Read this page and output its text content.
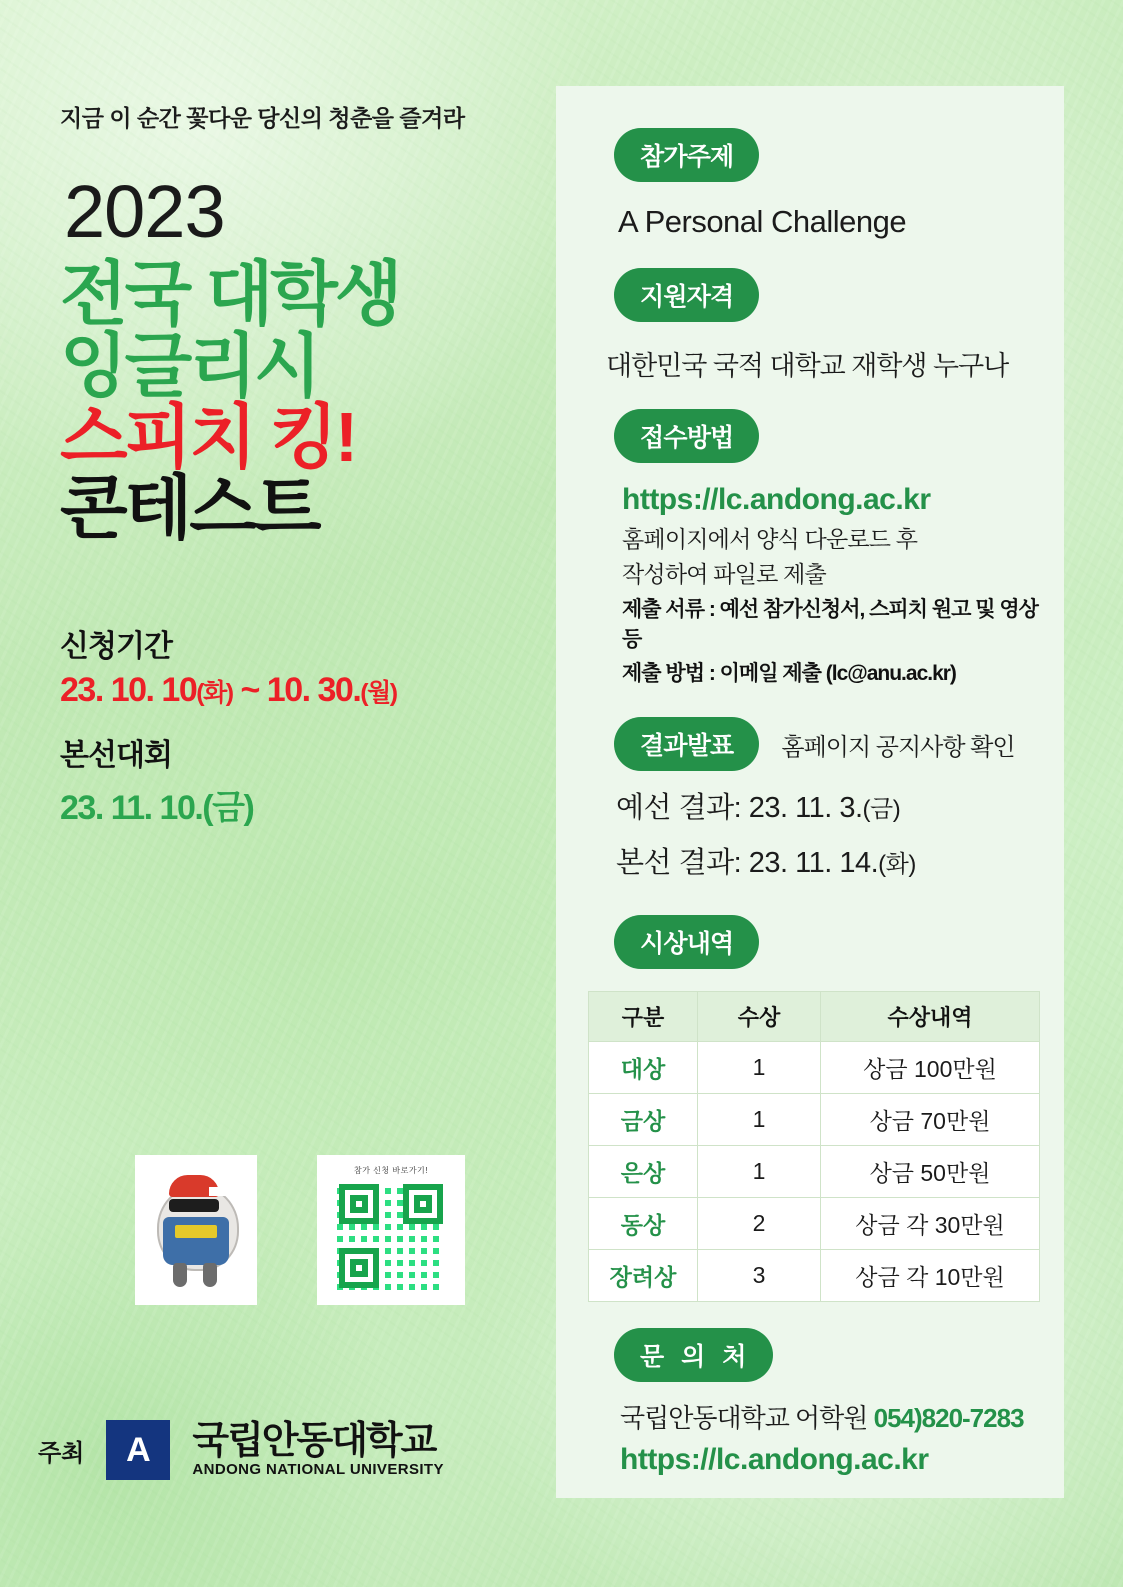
지금 이 순간 꽃다운 당신의 청춘을 즐겨라
2023
전국 대학생
잉글리시
스피치 킹!
콘테스트
신청기간
23. 10. 10(화) ~ 10. 30.(월)
본선대회
23. 11. 10.(금)
참가 신청 바로가기!
주최	A	국립안동대학교
ANDONG NATIONAL UNIVERSITY
참가주제
A Personal Challenge
지원자격
대한민국 국적 대학교 재학생 누구나
접수방법
https://lc.andong.ac.kr
홈페이지에서 양식 다운로드 후
작성하여 파일로 제출
제출 서류 : 예선 참가신청서, 스피치 원고 및 영상 등
제출 방법 : 이메일 제출 (lc@anu.ac.kr)
결과발표	홈페이지 공지사항 확인
예선 결과: 23. 11. 3.(금)
본선 결과: 23. 11. 14.(화)
시상내역
구분	수상	수상내역
대상	1	상금 100만원
금상	1	상금 70만원
은상	1	상금 50만원
동상	2	상금 각 30만원
장려상	3	상금 각 10만원
문 의 처
국립안동대학교 어학원 054)820-7283
https://lc.andong.ac.kr
